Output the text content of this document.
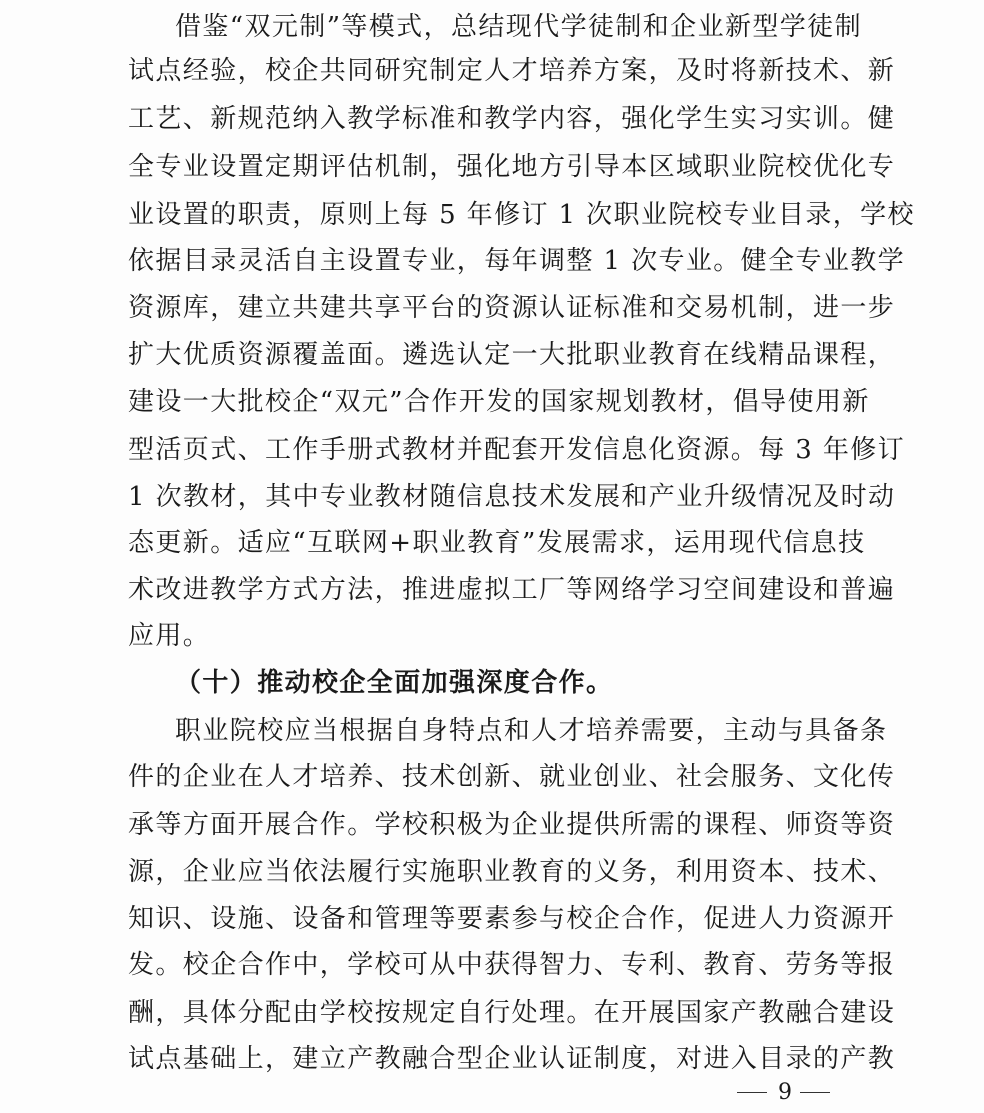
借鉴“双元制”等模式，总结现代学徒制和企业新型学徒制
试点经验，校企共同研究制定人才培养方案，及时将新技术、新
工艺、新规范纳入教学标准和教学内容，强化学生实习实训。健
全专业设置定期评估机制，强化地方引导本区域职业院校优化专
业设置的职责，原则上每 5 年修订 1 次职业院校专业目录，学校
依据目录灵活自主设置专业，每年调整 1 次专业。健全专业教学
资源库，建立共建共享平台的资源认证标准和交易机制，进一步
扩大优质资源覆盖面。遴选认定一大批职业教育在线精品课程，
建设一大批校企“双元”合作开发的国家规划教材，倡导使用新
型活页式、工作手册式教材并配套开发信息化资源。每 3 年修订
1 次教材，其中专业教材随信息技术发展和产业升级情况及时动
态更新。适应“互联网+职业教育”发展需求，运用现代信息技
术改进教学方式方法，推进虚拟工厂等网络学习空间建设和普遍
应用。
（十）推动校企全面加强深度合作。
职业院校应当根据自身特点和人才培养需要，主动与具备条
件的企业在人才培养、技术创新、就业创业、社会服务、文化传
承等方面开展合作。学校积极为企业提供所需的课程、师资等资
源，企业应当依法履行实施职业教育的义务，利用资本、技术、
知识、设施、设备和管理等要素参与校企合作，促进人力资源开
发。校企合作中，学校可从中获得智力、专利、教育、劳务等报
酬，具体分配由学校按规定自行处理。在开展国家产教融合建设
试点基础上，建立产教融合型企业认证制度，对进入目录的产教
9
